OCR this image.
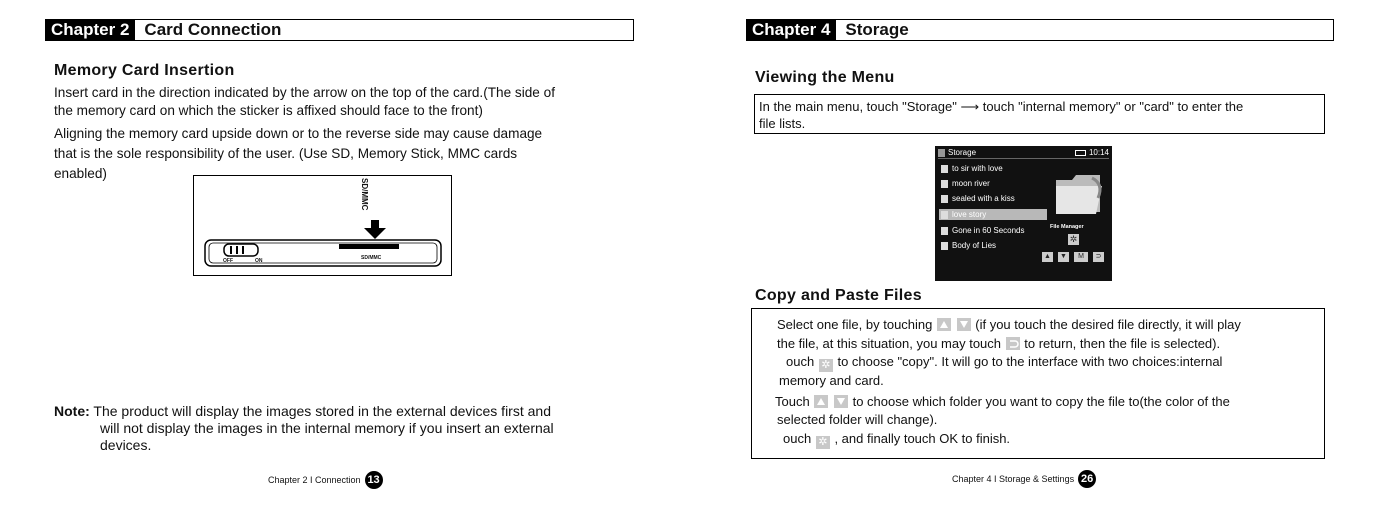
Chapter 2 Card Connection
Memory Card Insertion
Insert card in the direction indicated by the arrow on the top of the card.(The side of
the memory card on which the sticker is affixed should face to the front)
Aligning the memory card upside down or to the reverse side may cause damage
that is the sole responsibility of the user. (Use SD, Memory Stick, MMC cards
enabled)
SD/MMC
OFF	ON	SD/MMC
Note: The product will display the images stored in the external devices first and
will not display the images in the internal memory if you insert an external
devices.
Chapter 2 I Connection 13
Chapter 4 Storage
Viewing the Menu
In the main menu, touch "Storage" ⟶ touch "internal memory" or "card" to enter the
file lists.
Storage	10:14
to sir with love
moon river
sealed with a kiss
love story
Gone in 60 Seconds
Body of Lies
File Manager
✲
▲ ▼	M	⊃
Copy and Paste Files
Select one file, by touching
	(if you touch the desired file directly, it will play
the file, at this situation, you may touch to return, then the file is selected).
ouch ✲ to choose "copy". It will go to the interface with two choices:internal
memory and card.
Touch
	to choose which folder you want to ϲopy the file to(the color of the
selected folder will change).
ouch ✲ , and finally touch OK to finish.
Chapter 4 I Storage & Settings 26
